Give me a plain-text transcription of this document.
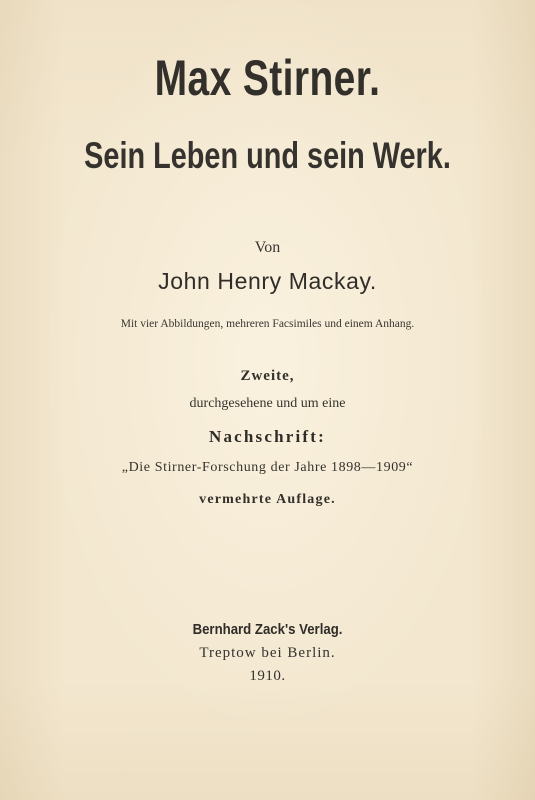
Max Stirner.
Sein Leben und sein Werk.
Von
John Henry Mackay.
Mit vier Abbildungen, mehreren Facsimiles und einem Anhang.
Zweite,
durchgesehene und um eine
Nachschrift:
„Die Stirner-Forschung der Jahre 1898—1909“
vermehrte Auflage.
Bernhard Zack's Verlag.
Treptow bei Berlin.
1910.
